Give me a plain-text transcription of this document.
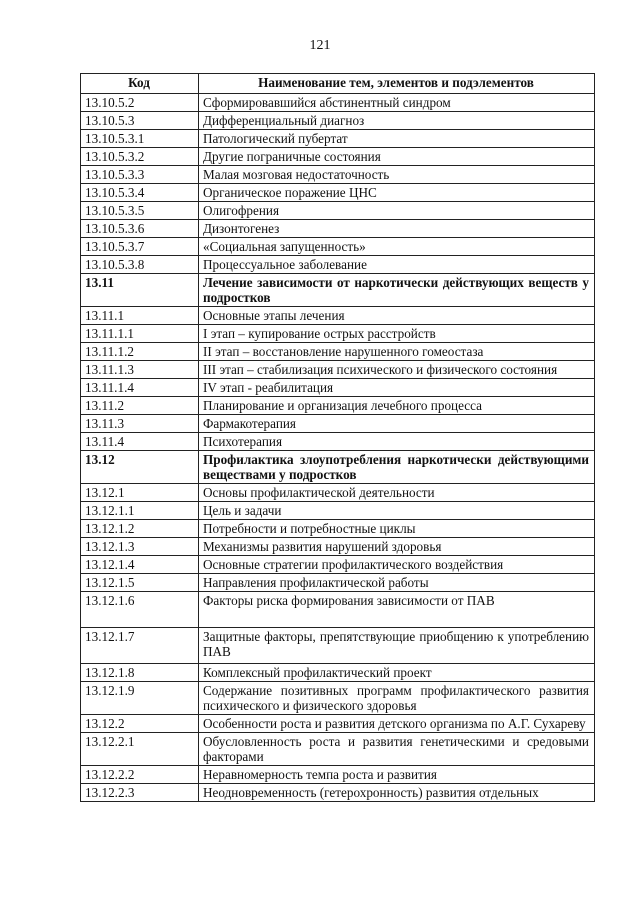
121
Код	Наименование тем, элементов и подэлементов
13.10.5.2	Сформировавшийся абстинентный синдром
13.10.5.3	Дифференциальный диагноз
13.10.5.3.1	Патологический пубертат
13.10.5.3.2	Другие пограничные состояния
13.10.5.3.3	Малая мозговая недостаточность
13.10.5.3.4	Органическое поражение ЦНС
13.10.5.3.5	Олигофрения
13.10.5.3.6	Дизонтогенез
13.10.5.3.7	«Социальная запущенность»
13.10.5.3.8	Процессуальное заболевание
13.11	Лечение зависимости от наркотически действующих веществ у подростков
13.11.1	Основные этапы лечения
13.11.1.1	I этап – купирование острых расстройств
13.11.1.2	II этап – восстановление нарушенного гомеостаза
13.11.1.3	III этап – стабилизация психического и физического состояния
13.11.1.4	IV этап - реабилитация
13.11.2	Планирование и организация лечебного процесса
13.11.3	Фармакотерапия
13.11.4	Психотерапия
13.12	Профилактика злоупотребления наркотически действующими веществами у подростков
13.12.1	Основы профилактической деятельности
13.12.1.1	Цель и задачи
13.12.1.2	Потребности и потребностные циклы
13.12.1.3	Механизмы развития нарушений здоровья
13.12.1.4	Основные стратегии профилактического воздействия
13.12.1.5	Направления профилактической работы
13.12.1.6	Факторы риска формирования зависимости от ПАВ
13.12.1.7	Защитные факторы, препятствующие приобщению к употреблению ПАВ
13.12.1.8	Комплексный профилактический проект
13.12.1.9	Содержание позитивных программ профилактического развития психического и физического здоровья
13.12.2	Особенности роста и развития детского организма по А.Г. Сухареву
13.12.2.1	Обусловленность роста и развития генетическими и средовыми факторами
13.12.2.2	Неравномерность темпа роста и развития
13.12.2.3	Неодновременность (гетерохронность) развития отдельных
